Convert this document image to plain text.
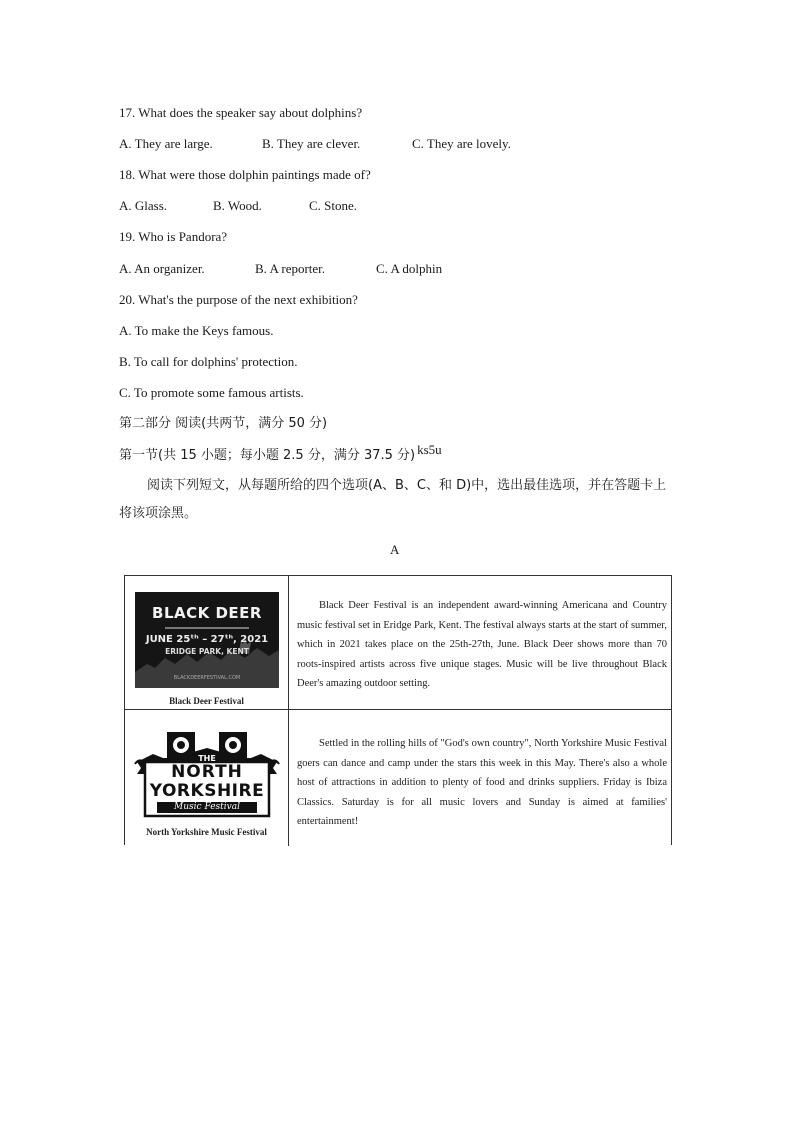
17. What does the speaker say about dolphins?
A. They are large.	B. They are clever.	C. They are lovely.
18. What were those dolphin paintings made of?
A. Glass.	B. Wood.	C. Stone.
19. Who is Pandora?
A. An organizer.	B. A reporter.	C. A dolphin
20. What's the purpose of the next exhibition?
A. To make the Keys famous.
B. To call for dolphins' protection.
C. To promote some famous artists.
第二部分 阅读(共两节，满分 50 分)
第一节(共 15 小题；每小题 2.5 分，满分 37.5 分) ks5u
阅读下列短文，从每题所给的四个选项(A、B、C、和 D)中，选出最佳选项，并在答题卡上将该项涂黑。
A
BLACK DEER
JUNE 25ᵗʰ – 27ᵗʰ, 2021
ERIDGE PARK, KENT
BLACKDEERFESTIVAL.COM
Black Deer Festival
Black Deer Festival is an independent award-winning Americana and Country music festival set in Eridge Park, Kent. The festival always starts at the start of summer, which in 2021 takes place on the 25th-27th, June. Black Deer shows more than 70 roots-inspired artists across five unique stages. Music will be live throughout Black Deer's amazing outdoor setting.
THE
NORTH
YORKSHIRE
Music Festival
North Yorkshire Music Festival
Settled in the rolling hills of "God's own country", North Yorkshire Music Festival goers can dance and camp under the stars this week in this May. There's also a whole host of attractions in addition to plenty of food and drinks suppliers. Friday is Ibiza Classics. Saturday is for all music lovers and Sunday is aimed at families' entertainment!
